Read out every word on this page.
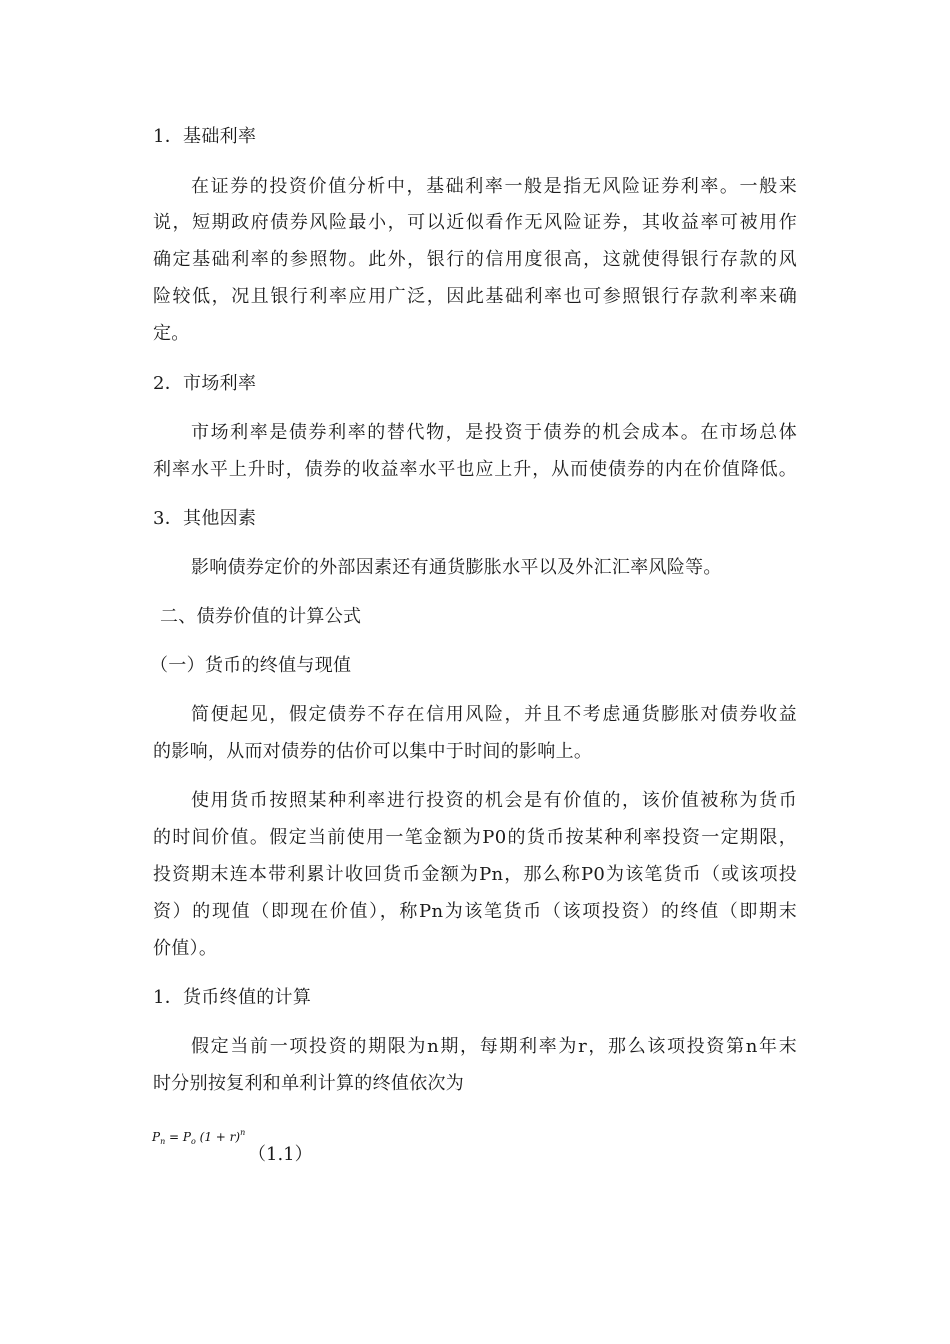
1．基础利率
在证券的投资价值分析中，基础利率一般是指无风险证券利率。一般来
说，短期政府债券风险最小，可以近似看作无风险证券，其收益率可被用作
确定基础利率的参照物。此外，银行的信用度很高，这就使得银行存款的风
险较低，况且银行利率应用广泛，因此基础利率也可参照银行存款利率来确
定。
2．市场利率
市场利率是债券利率的替代物，是投资于债券的机会成本。在市场总体
利率水平上升时，债券的收益率水平也应上升，从而使债券的内在价值降低。
3．其他因素
影响债券定价的外部因素还有通货膨胀水平以及外汇汇率风险等。
二、债券价值的计算公式
（一）货币的终值与现值
简便起见，假定债券不存在信用风险，并且不考虑通货膨胀对债券收益
的影响，从而对债券的估价可以集中于时间的影响上。
使用货币按照某种利率进行投资的机会是有价值的，该价值被称为货币
的时间价值。假定当前使用一笔金额为P0的货币按某种利率投资一定期限，
投资期末连本带利累计收回货币金额为Pn，那么称P0为该笔货币（或该项投
资）的现值（即现在价值），称Pn为该笔货币（该项投资）的终值（即期末
价值）。
1．货币终值的计算
假定当前一项投资的期限为n期，每期利率为r，那么该项投资第n年末
时分别按复利和单利计算的终值依次为
$P_n = P_o$ $(1 + r)^n$
（1.1）
